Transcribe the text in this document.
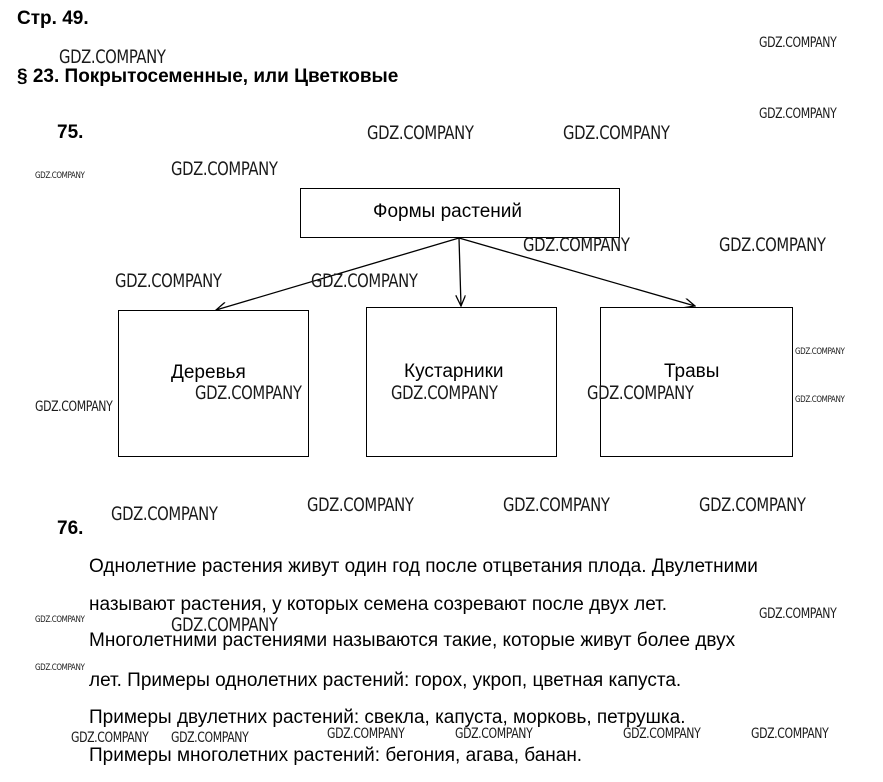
Стр. 49.
§ 23. Покрытосеменные, или Цветковые
75.
Формы растений
Деревья	Кустарники	Травы
76.
Однолетние растения живут один год после отцветания плода. Двулетними
называют растения, у которых семена созревают после двух лет.
Многолетними растениями называются такие, которые живут более двух
лет. Примеры однолетних растений: горох, укроп, цветная капуста.
Примеры двулетних растений: свекла, капуста, морковь, петрушка.
Примеры многолетних растений: бегония, агава, банан.
GDZ.COMPANY
GDZ.COMPANY
GDZ.COMPANY
GDZ.COMPANY	GDZ.COMPANY
GDZ.COMPANY
GDZ.COMPANY
GDZ.COMPANY	GDZ.COMPANY
GDZ.COMPANY	GDZ.COMPANY
GDZ.COMPANY
GDZ.COMPANY	GDZ.COMPANY	GDZ.COMPANY	GDZ.COMPANY
GDZ.COMPANY
GDZ.COMPANY	GDZ.COMPANY	GDZ.COMPANY
GDZ.COMPANY
GDZ.COMPANY
GDZ.COMPANY	GDZ.COMPANY
GDZ.COMPANY
GDZ.COMPANY	GDZ.COMPANY	GDZ.COMPANY	GDZ.COMPANY	GDZ.COMPANY
GDZ.COMPANY
